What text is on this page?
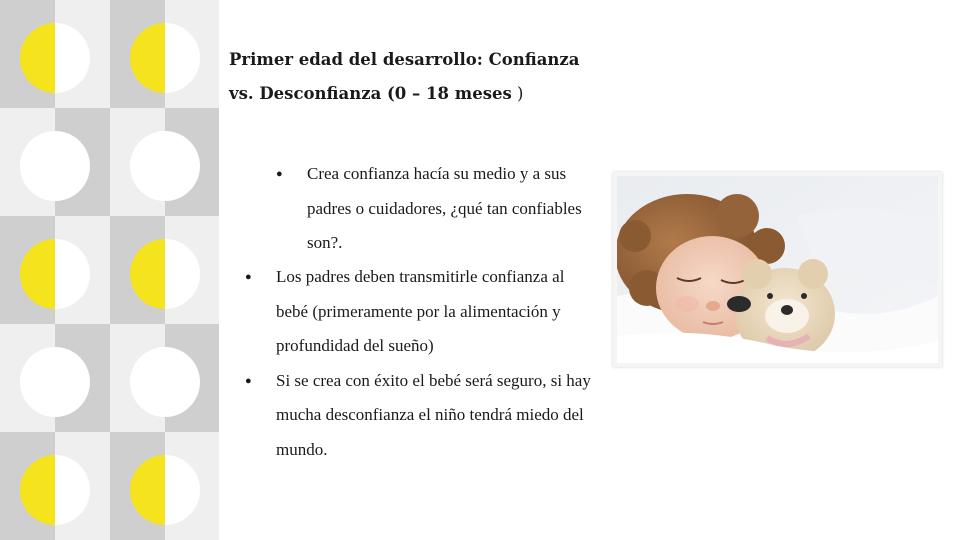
Primer edad del desarrollo: Confianza vs. Desconfianza (0 – 18 meses )
● Crea confianza hacía su medio y a sus padres o cuidadores, ¿qué tan confiables son?.
● Los padres deben transmitirle confianza al bebé (primeramente por la alimentación y profundidad del sueño)
● Si se crea con éxito el bebé será seguro, si hay mucha desconfianza el niño tendrá miedo del mundo.
